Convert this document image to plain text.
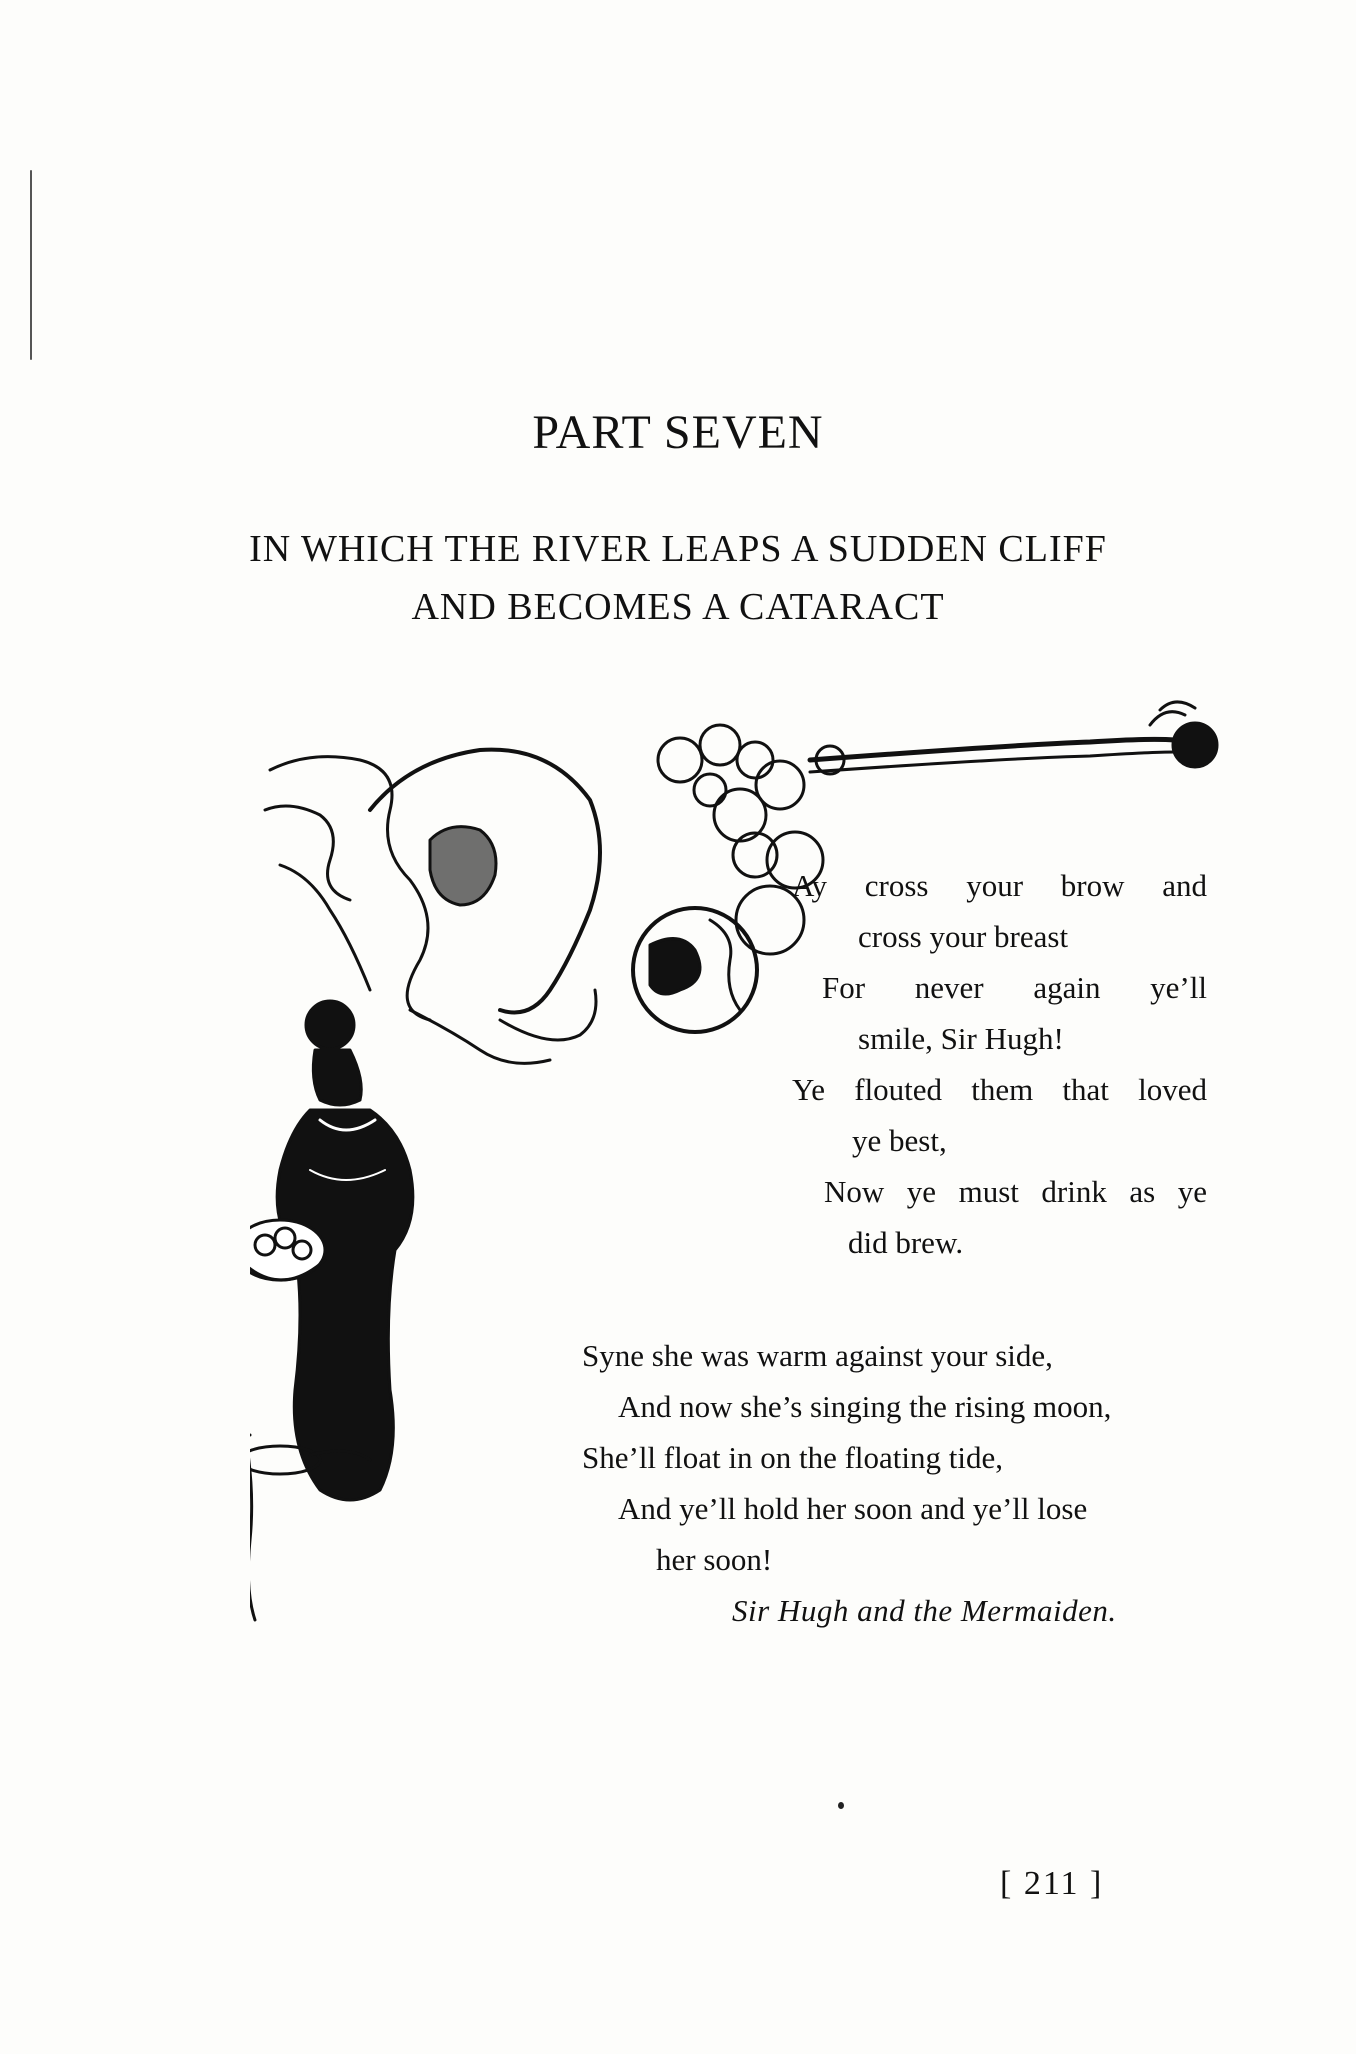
PART SEVEN
IN WHICH THE RIVER LEAPS A SUDDEN CLIFF
AND BECOMES A CATARACT
Ay cross your brow and
cross your breast
For never again ye’ll
smile, Sir Hugh!
Ye flouted them that loved
ye best,
Now ye must drink as ye
did brew.
Syne she was warm against your side,
And now she’s singing the rising moon,
She’ll float in on the floating tide,
And ye’ll hold her soon and ye’ll lose
her soon!
Sir Hugh and the Mermaiden.
[ 211 ]
